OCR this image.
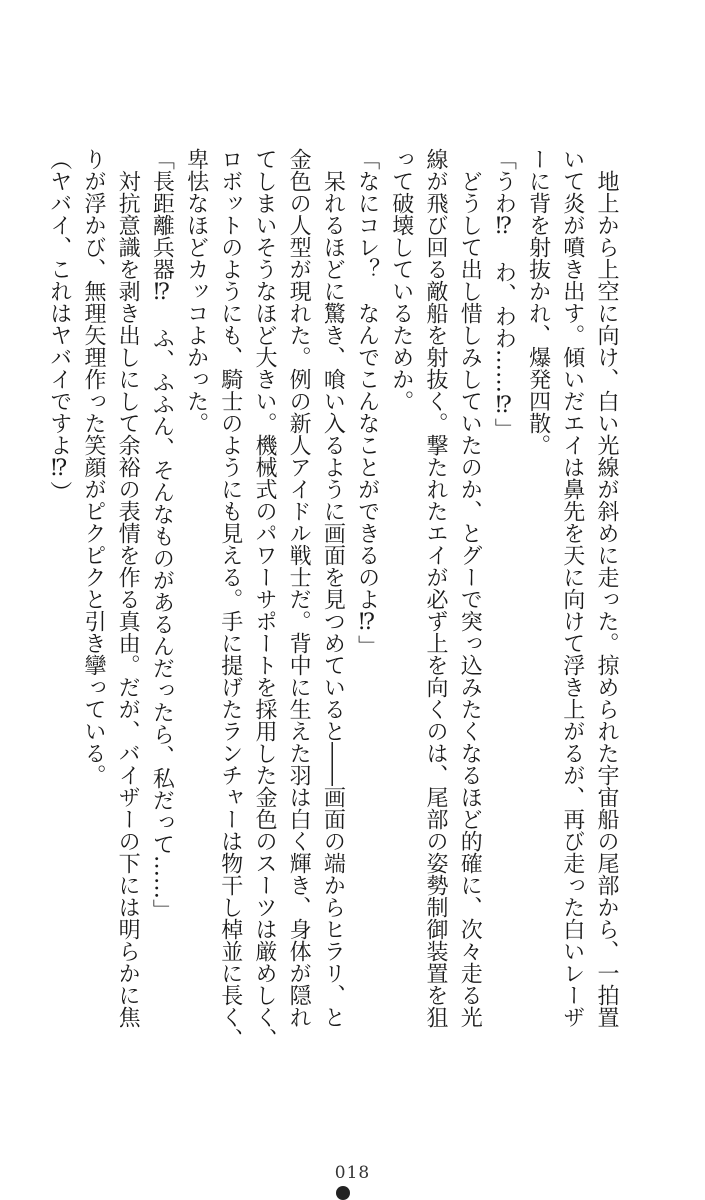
　地上から上空に向け、白い光線が斜めに走った。掠められた宇宙船の尾部から、一拍置
いて炎が噴き出す。傾いだエイは鼻先を天に向けて浮き上がるが、再び走った白いレーザ
ーに背を射抜かれ、爆発四散。
「うわ⁉　わ、わわ……⁉」
　どうして出し惜しみしていたのか、とグーで突っ込みたくなるほど的確に、次々走る光
線が飛び回る敵船を射抜く。撃たれたエイが必ず上を向くのは、尾部の姿勢制御装置を狙
って破壊しているためか。
「なにコレ？　なんでこんなことができるのよ⁉」
　呆れるほどに驚き、喰い入るように画面を見つめていると――画面の端からヒラリ、と
金色の人型が現れた。例の新人アイドル戦士だ。背中に生えた羽は白く輝き、身体が隠れ
てしまいそうなほど大きい。機械式のパワーサポートを採用した金色のスーツは厳めしく、
ロボットのようにも、騎士のようにも見える。手に提げたランチャーは物干し棹並に長く、
卑怯なほどカッコよかった。
「長距離兵器⁉　ふ、ふふん、そんなものがあるんだったら、私だって……」
　対抗意識を剥き出しにして余裕の表情を作る真由。だが、バイザーの下には明らかに焦
りが浮かび、無理矢理作った笑顔がピクピクと引き攣っている。
（ヤバイ、これはヤバイですよ⁉）
018
